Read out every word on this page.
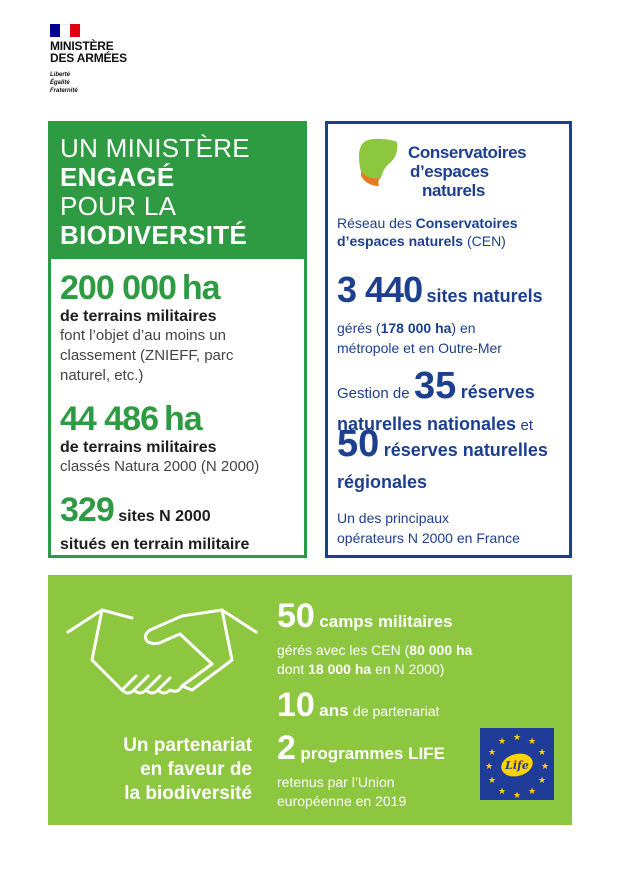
MINISTÈRE
DES ARMÉES
Liberté
Égalité
Fraternité
UN MINISTÈRE
ENGAGÉ
POUR LA
BIODIVERSITÉ
200 000 ha
de terrains militaires
font l’objet d’au moins un
classement (ZNIEFF, parc
naturel, etc.)
44 486 ha
de terrains militaires
classés Natura 2000 (N 2000)
329 sites N 2000
situés en terrain militaire
Conservatoires
d’espaces
naturels
Réseau des Conservatoires
d’espaces naturels (CEN)
3 440 sites naturels
gérés (178 000 ha) en
métropole et en Outre-Mer
Gestion de 35 réserves
naturelles nationales et
50 réserves naturelles
régionales
Un des principaux
opérateurs N 2000 en France
Un partenariat
en faveur de
la biodiversité
50 camps militaires
gérés avec les CEN (80 000 ha
dont 18 000 ha en N 2000)
10 ans de partenariat
2 programmes LIFE
retenus par l’Union
européenne en 2019
★ ★
★
★
★
★
★
★
★
★
★
★
Life
